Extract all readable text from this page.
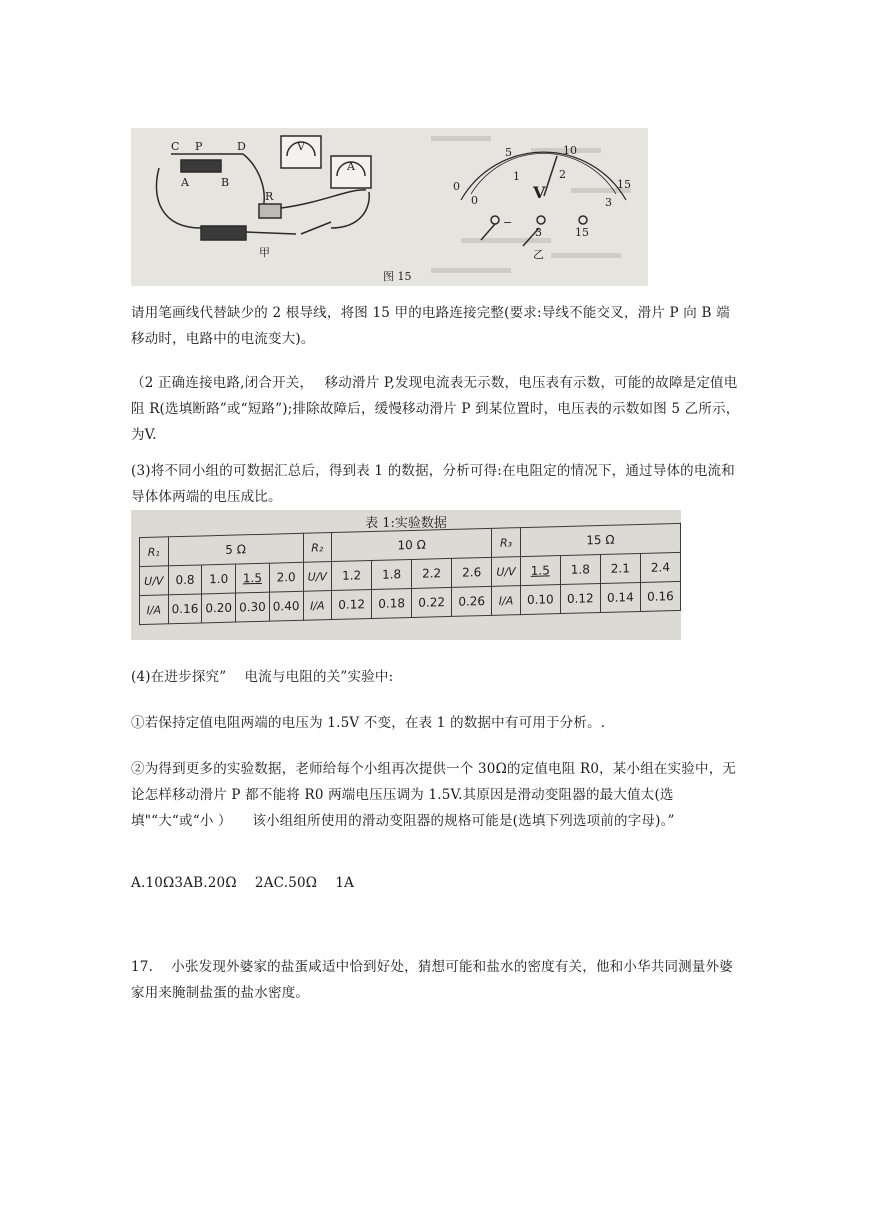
C P	D
A	B
R
V
A
甲
V
−
3	15
0
5	10
15
0
1	2
3
乙
图 15

请用笔画线代替缺少的 2 根导线，将图 15 甲的电路连接完整(要求:导线不能交叉，滑片 P 向 B 端移动时，电路中的电流变大)。

（2 正确连接电路,闭合开关，　 移动滑片 P,发现电流表无示数，电压表有示数，可能的故障是定值电阻 R(选填断路”或“短路”);排除故障后，缓慢移动滑片 P 到某位置时，电压表的示数如图 5 乙所示，为V.

(3)将不同小组的可数据汇总后，得到表 1 的数据，分析可得:在电阻定的情况下，通过导体的电流和导体体两端的电压成比。

表 1:实验数据
R₁	5 Ω				R₂	10 Ω				R₃	15 Ω			
U/V	0.8	1.0	1.5	2.0	U/V	1.2	1.8	2.2	2.6	U/V	1.5	1.8	2.1	2.4
I/A	0.16	0.20	0.30	0.40	I/A	0.12	0.18	0.22	0.26	I/A	0.10	0.12	0.14	0.16

(4)在进步探究”　 电流与电阻的关”实验中:

①若保持定值电阻两端的电压为 1.5V 不变，在表 1 的数据中有可用于分析。.

②为得到更多的实验数据，老师给每个小组再次提供一个 30Ω的定值电阻 R0，某小组在实验中，无论怎样移动滑片 P 都不能将 R0 两端电压压调为 1.5V.其原因是滑动变阻器的最大值太(选填"“大“或“小 ）　　该小组组所使用的滑动变阻器的规格可能是(选填下列选项前的字母)。”

A.10Ω3AB.20Ω　 2AC.50Ω　 1A

17.　 小张发现外婆家的盐蛋咸适中恰到好处，猜想可能和盐水的密度有关，他和小华共同测量外婆家用来腌制盐蛋的盐水密度。
